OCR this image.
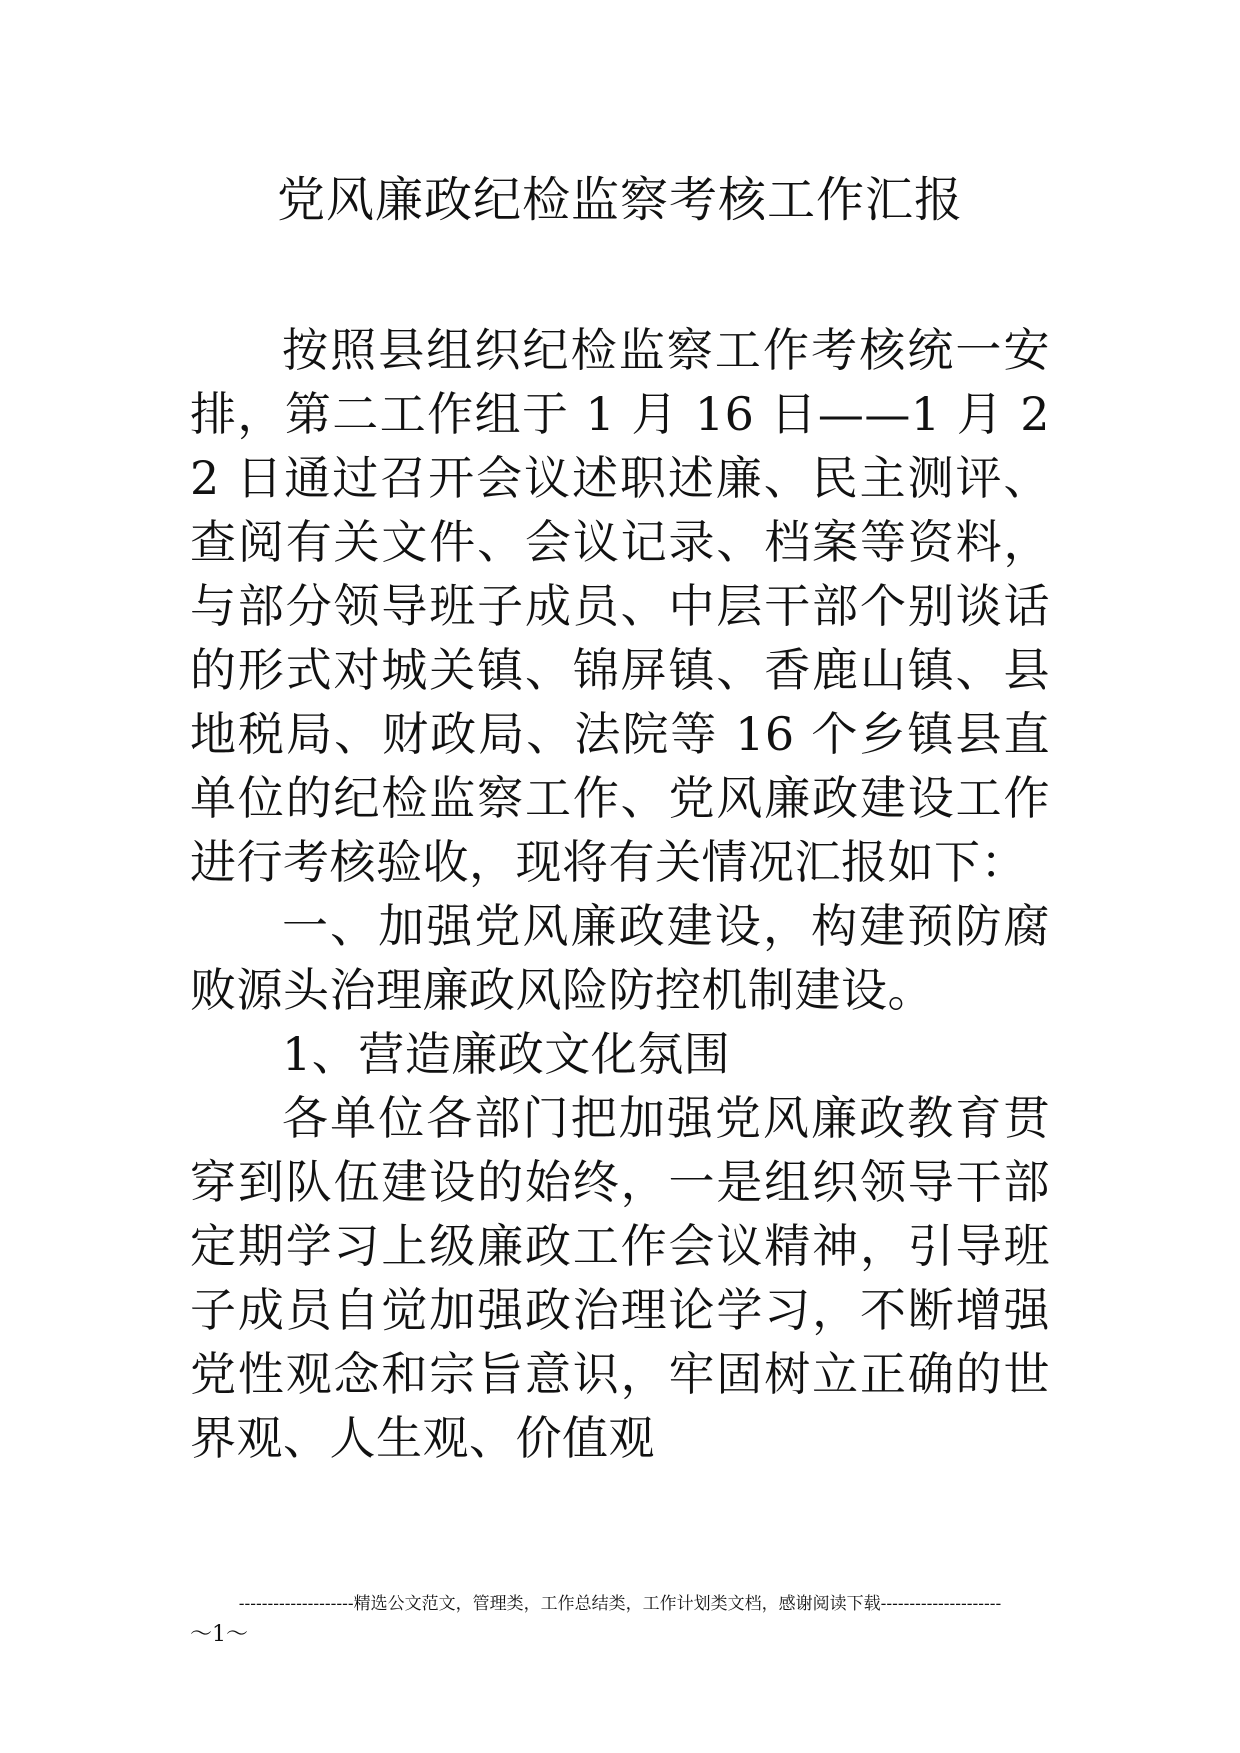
党风廉政纪检监察考核工作汇报

按照县组织纪检监察工作考核统一安排，第二工作组于 1 月 16 日——1 月 22 日通过召开会议述职述廉、民主测评、查阅有关文件、会议记录、档案等资料，与部分领导班子成员、中层干部个别谈话的形式对城关镇、锦屏镇、香鹿山镇、县地税局、财政局、法院等 16 个乡镇县直单位的纪检监察工作、党风廉政建设工作进行考核验收，现将有关情况汇报如下：

一、加强党风廉政建设，构建预防腐败源头治理廉政风险防控机制建设。

1、营造廉政文化氛围

各单位各部门把加强党风廉政教育贯穿到队伍建设的始终，一是组织领导干部定期学习上级廉政工作会议精神，引导班子成员自觉加强政治理论学习，不断增强党性观念和宗旨意识，牢固树立正确的世界观、人生观、价值观

--------------------精选公文范文，管理类，工作总结类，工作计划类文档，感谢阅读下载---------------------
～1～
